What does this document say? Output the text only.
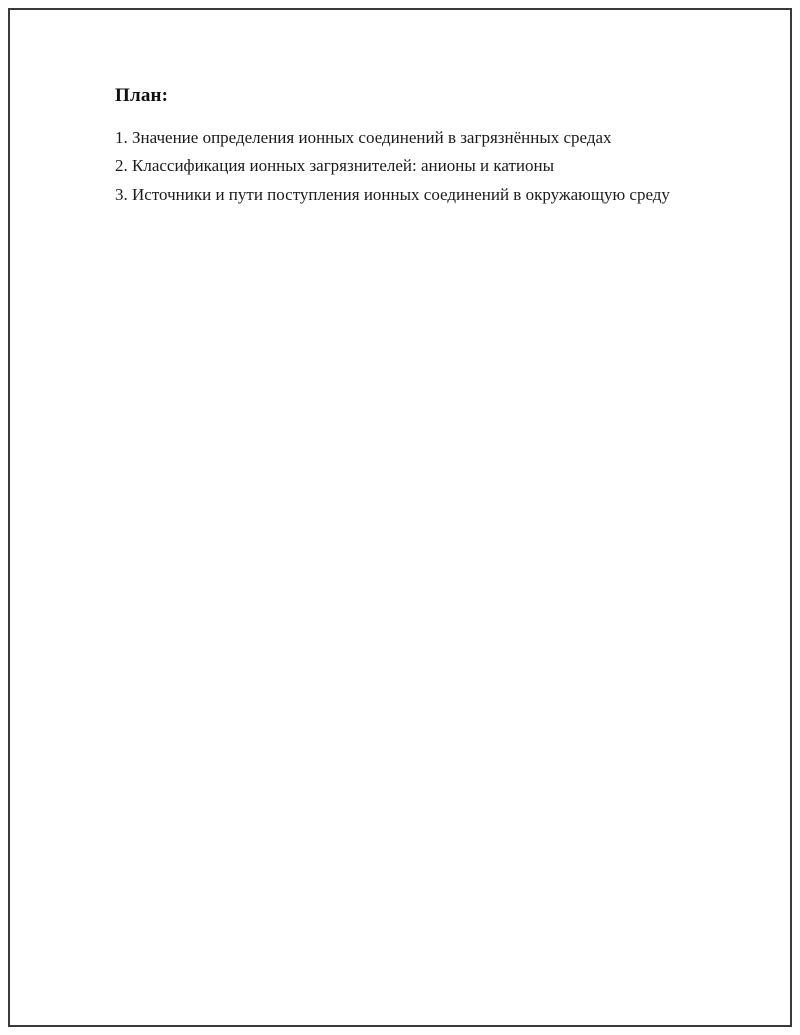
План:

1. Значение определения ионных соединений в загрязнённых средах

2. Классификация ионных загрязнителей: анионы и катионы

3. Источники и пути поступления ионных соединений в окружающую среду
